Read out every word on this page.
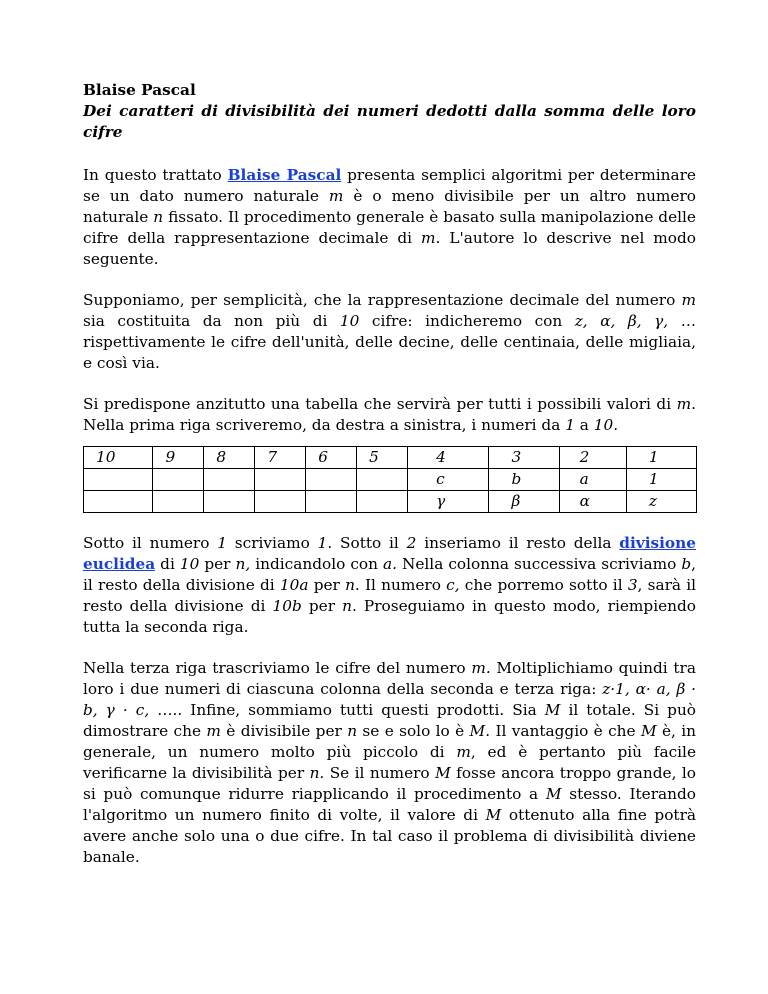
Blaise Pascal

Dei caratteri di divisibilità dei numeri dedotti dalla somma delle loro cifre

In questo trattato Blaise Pascal presenta semplici algoritmi per determinare se un dato numero naturale m è o meno divisibile per un altro numero naturale n fissato. Il procedimento generale è basato sulla manipolazione delle cifre della rappresentazione decimale di m. L'autore lo descrive nel modo seguente.

Supponiamo, per semplicità, che la rappresentazione decimale del numero m sia costituita da non più di 10 cifre: indicheremo con z, α, β, γ, … rispettivamente le cifre dell'unità, delle decine, delle centinaia, delle migliaia, e così via.

Si predispone anzitutto una tabella che servirà per tutti i possibili valori di m. Nella prima riga scriveremo, da destra a sinistra, i numeri da 1 a 10.

10	9	8	7	6	5	4	3	2	1
						c	b	a	1
						γ	β	α	z

Sotto il numero 1 scriviamo 1. Sotto il 2 inseriamo il resto della divisione euclidea di 10 per n, indicandolo con a. Nella colonna successiva scriviamo b, il resto della divisione di 10a per n. Il numero c, che porremo sotto il 3, sarà il resto della divisione di 10b per n. Proseguiamo in questo modo, riempiendo tutta la seconda riga.

Nella terza riga trascriviamo le cifre del numero m. Moltiplichiamo quindi tra loro i due numeri di ciascuna colonna della seconda e terza riga: z·1, α· a, β · b, γ · c, ….. Infine, sommiamo tutti questi prodotti. Sia M il totale. Si può dimostrare che m è divisibile per n se e solo lo è M. Il vantaggio è che M è, in generale, un numero molto più piccolo di m, ed è pertanto più facile verificarne la divisibilità per n. Se il numero M fosse ancora troppo grande, lo si può comunque ridurre riapplicando il procedimento a M stesso. Iterando l'algoritmo un numero finito di volte, il valore di M ottenuto alla fine potrà avere anche solo una o due cifre. In tal caso il problema di divisibilità diviene banale.
